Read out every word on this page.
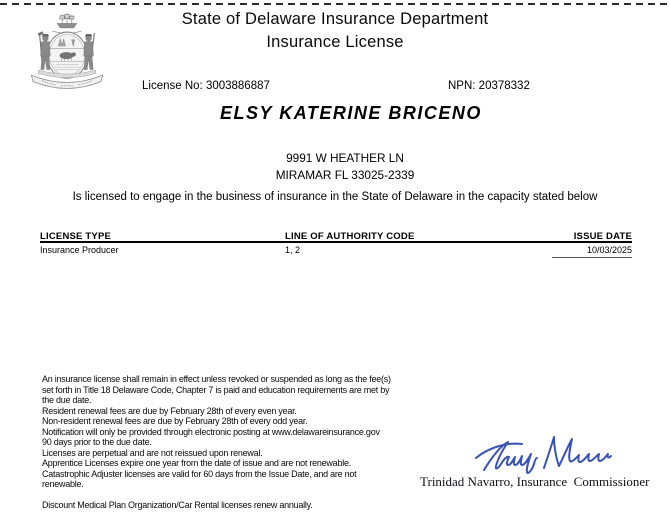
State of Delaware Insurance Department
Insurance License
License No: 3003886887	NPN: 20378332
ELSY KATERINE BRICENO
9991 W HEATHER LN
MIRAMAR FL 33025-2339
Is licensed to engage in the business of insurance in the State of Delaware in the capacity stated below
LICENSE TYPE	LINE OF AUTHORITY CODE	ISSUE DATE
Insurance Producer	1, 2	10/03/2025
An insurance license shall remain in effect unless revoked or suspended as long as the fee(s)
set forth in Title 18 Delaware Code, Chapter 7 is paid and education requirements are met by
the due date.
Resident renewal fees are due by February 28th of every even year.
Non-resident renewal fees are due by February 28th of every odd year.
Notification will only be provided through electronic posting at www.delawareinsurance.gov
90 days prior to the due date.
Licenses are perpetual and are not reissued upon renewal.
Apprentice Licenses expire one year from the date of issue and are not renewable.
Catastrophic Adjuster licenses are valid for 60 days from the Issue Date, and are not
renewable.

Discount Medical Plan Organization/Car Rental licenses renew annually.
Trinidad Navarro, Insurance  Commissioner
